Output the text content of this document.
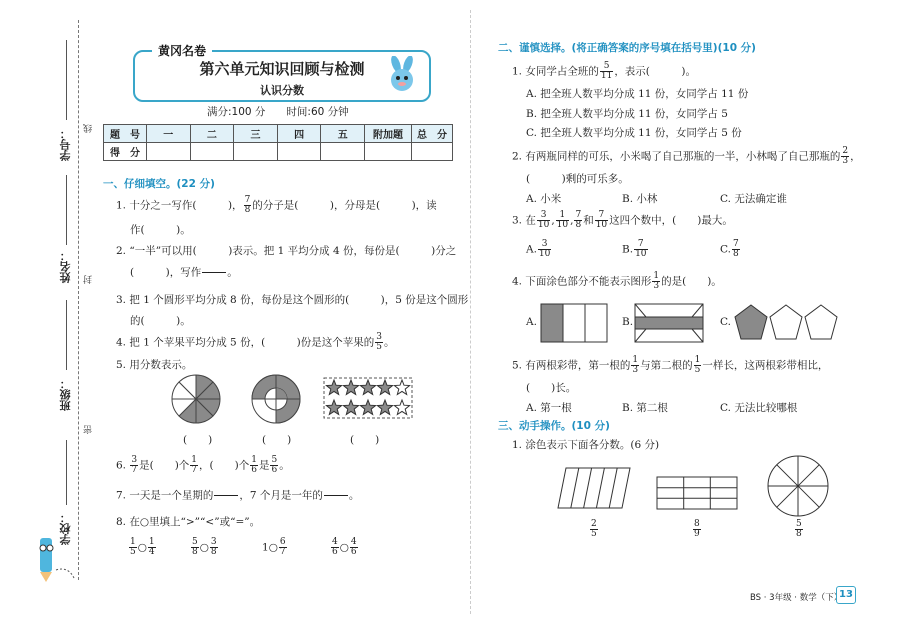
学校：
班级：
姓名：
学号： 线
封
密
第六单元知识回顾与检测
认识分数
黄冈名卷
满分:100 分　　时间:60 分钟
题　号	一	二	三	四	五	附加题	总　分
得　分							
一、仔细填空。(22 分)
1. 十分之一写作(　　　)， $\frac{7}{8}$ 的分子是(　　　)，分母是(　　　)，读
作(　　　)。
2. “一半”可以用(　　　)表示。把 1 平均分成 4 份，每份是(　　　)分之
(　　　)，写作 。
3. 把 1 个圆形平均分成 8 份，每份是这个圆形的(　　　)，5 份是这个圆形
的(　　　)。
4. 把 1 个苹果平均分成 5 份，(　　　)份是这个苹果的 $\frac{3}{5}$ 。
5. 用分数表示。
(　　)	(　　)	(　　)
6. $\frac{3}{7}$ 是(　　)个 $\frac{1}{7}$ ，(　　)个 $\frac{1}{6}$ 是 $\frac{5}{6}$ 。
7. 一天是一个星期的 ，7 个月是一年的 。
8. 在○里填上“>”“<”或“=”。
$\frac{1}{5}$ ○ $\frac{1}{4}$	$\frac{5}{8}$ ○ $\frac{3}{8}$	1○ $\frac{6}{7}$	$\frac{4}{6}$ ○ $\frac{4}{6}$
二、谨慎选择。(将正确答案的序号填在括号里)(10 分)
1. 女同学占全班的 $\frac{5}{11}$ ，表示(　　　)。
A. 把全班人数平均分成 11 份，女同学占 11 份
B. 把全班人数平均分成 11 份，女同学占 5
C. 把全班人数平均分成 11 份，女同学占 5 份
2. 有两瓶同样的可乐，小米喝了自己那瓶的一半，小林喝了自己那瓶的 $\frac{2}{3}$ ，
(　　　)剩的可乐多。
A. 小米	B. 小林	C. 无法确定谁
3. 在 $\frac{3}{10}$ , $\frac{1}{10}$ , $\frac{7}{8}$ 和 $\frac{7}{10}$ 这四个数中，(　　)最大。
A. $\frac{3}{10}$	B. $\frac{7}{10}$	C. $\frac{7}{8}$
4. 下面涂色部分不能表示图形 $\frac{1}{3}$ 的是(　　)。
A.	B.	C.
5. 有两根彩带，第一根的 $\frac{1}{3}$ 与第二根的 $\frac{1}{5}$ 一样长，这两根彩带相比，
(　　)长。
A. 第一根	B. 第二根	C. 无法比较哪根
三、动手操作。(10 分)
1. 涂色表示下面各分数。(6 分)
$\frac{2}{5}$	$\frac{8}{9}$	$\frac{5}{8}$
BS · 3年级 · 数学（下）
13
